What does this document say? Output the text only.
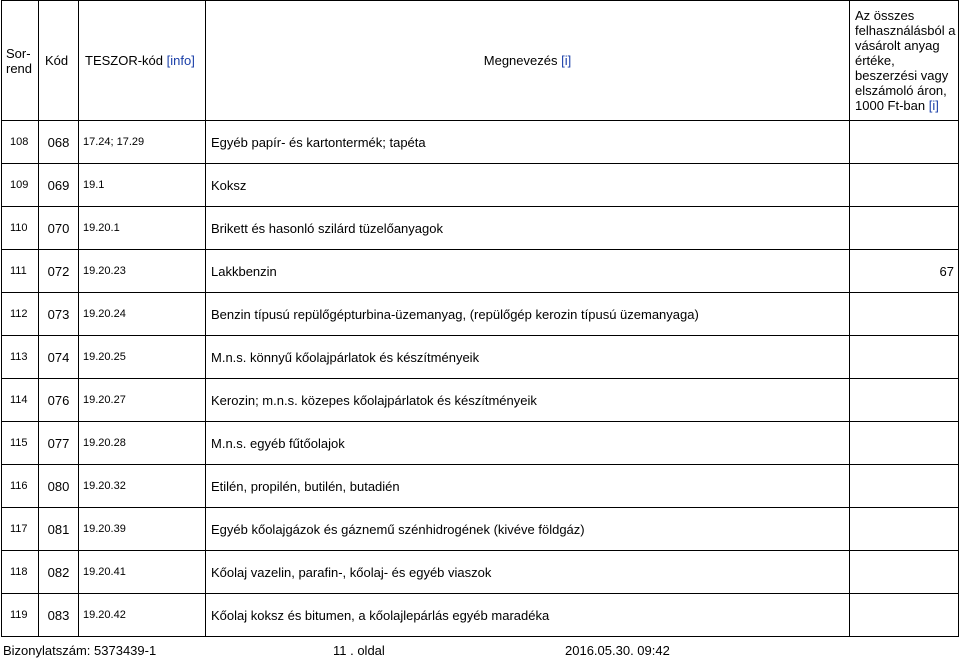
Sor-
rend	Kód	TESZOR-kód [info]	Megnevezés [i]	Az összes felhasználásból a vásárolt anyag értéke, beszerzési vagy elszámoló áron, 1000 Ft-ban [i]
108	068	17.24; 17.29	Egyéb papír- és kartontermék; tapéta	
109	069	19.1	Koksz	
110	070	19.20.1	Brikett és hasonló szilárd tüzelőanyagok	
111	072	19.20.23	Lakkbenzin	67
112	073	19.20.24	Benzin típusú repülőgépturbina-üzemanyag, (repülőgép kerozin típusú üzemanyaga)	
113	074	19.20.25	M.n.s. könnyű kőolajpárlatok és készítményeik	
114	076	19.20.27	Kerozin; m.n.s. közepes kőolajpárlatok és készítményeik	
115	077	19.20.28	M.n.s. egyéb fűtőolajok	
116	080	19.20.32	Etilén, propilén, butilén, butadién	
117	081	19.20.39	Egyéb kőolajgázok és gáznemű szénhidrogének (kivéve földgáz)	
118	082	19.20.41	Kőolaj vazelin, parafin-, kőolaj- és egyéb viaszok	
119	083	19.20.42	Kőolaj koksz és bitumen, a kőolajlepárlás egyéb maradéka	
Bizonylatszám: 5373439-1	11 . oldal	2016.05.30. 09:42
